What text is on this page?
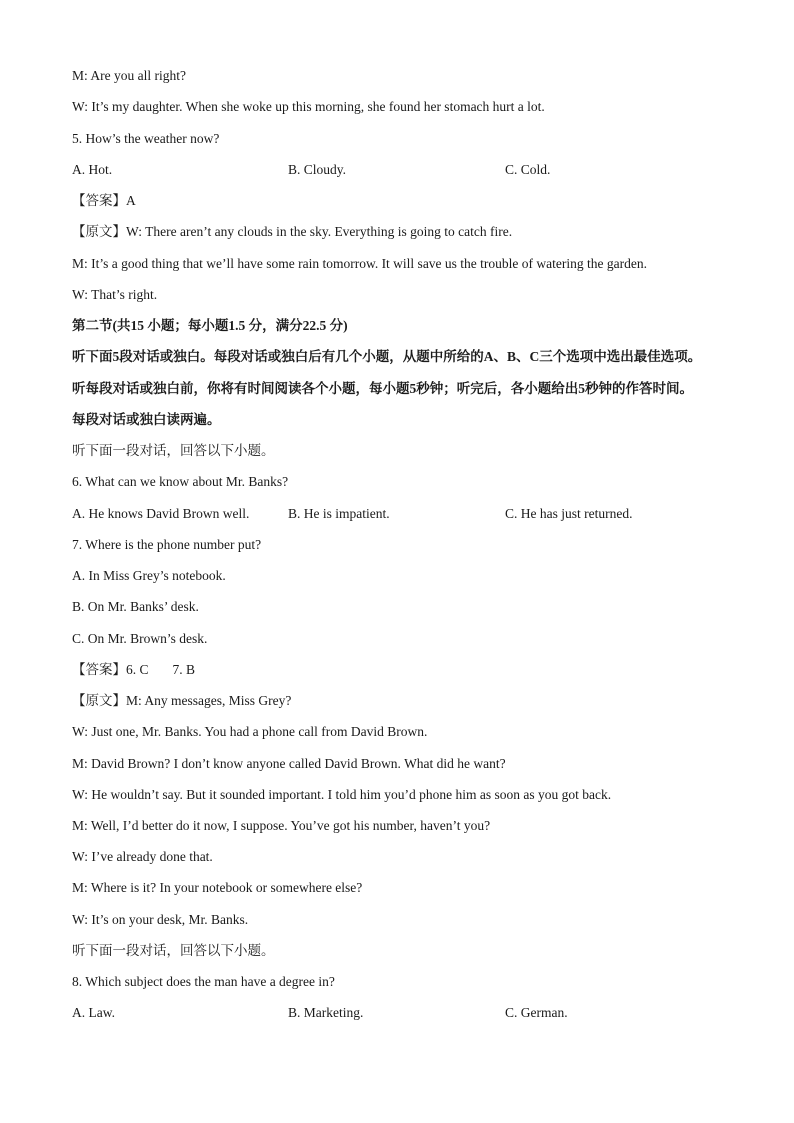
M: Are you all right?
W: It’s my daughter. When she woke up this morning, she found her stomach hurt a lot.
5. How’s the weather now?
A. Hot.	B. Cloudy.	C. Cold.
【答案】A
【原文】W: There aren’t any clouds in the sky. Everything is going to catch fire.
M: It’s a good thing that we’ll have some rain tomorrow. It will save us the trouble of watering the garden.
W: That’s right.
第二节(共15 小题；每小题1.5 分，满分22.5 分)
听下面5段对话或独白。每段对话或独白后有几个小题，从题中所给的A、B、C三个选项中选出最佳选项。
听每段对话或独白前，你将有时间阅读各个小题，每小题5秒钟；听完后，各小题给出5秒钟的作答时间。
每段对话或独白读两遍。
听下面一段对话，回答以下小题。
6. What can we know about Mr. Banks?
A. He knows David Brown well.	B. He is impatient.	C. He has just returned.
7. Where is the phone number put?
A. In Miss Grey’s notebook.
B. On Mr. Banks’ desk.
C. On Mr. Brown’s desk.
【答案】6. C 7. B
【原文】M: Any messages, Miss Grey?
W: Just one, Mr. Banks. You had a phone call from David Brown.
M: David Brown? I don’t know anyone called David Brown. What did he want?
W: He wouldn’t say. But it sounded important. I told him you’d phone him as soon as you got back.
M: Well, I’d better do it now, I suppose. You’ve got his number, haven’t you?
W: I’ve already done that.
M: Where is it? In your notebook or somewhere else?
W: It’s on your desk, Mr. Banks.
听下面一段对话，回答以下小题。
8. Which subject does the man have a degree in?
A. Law.	B. Marketing.	C. German.
